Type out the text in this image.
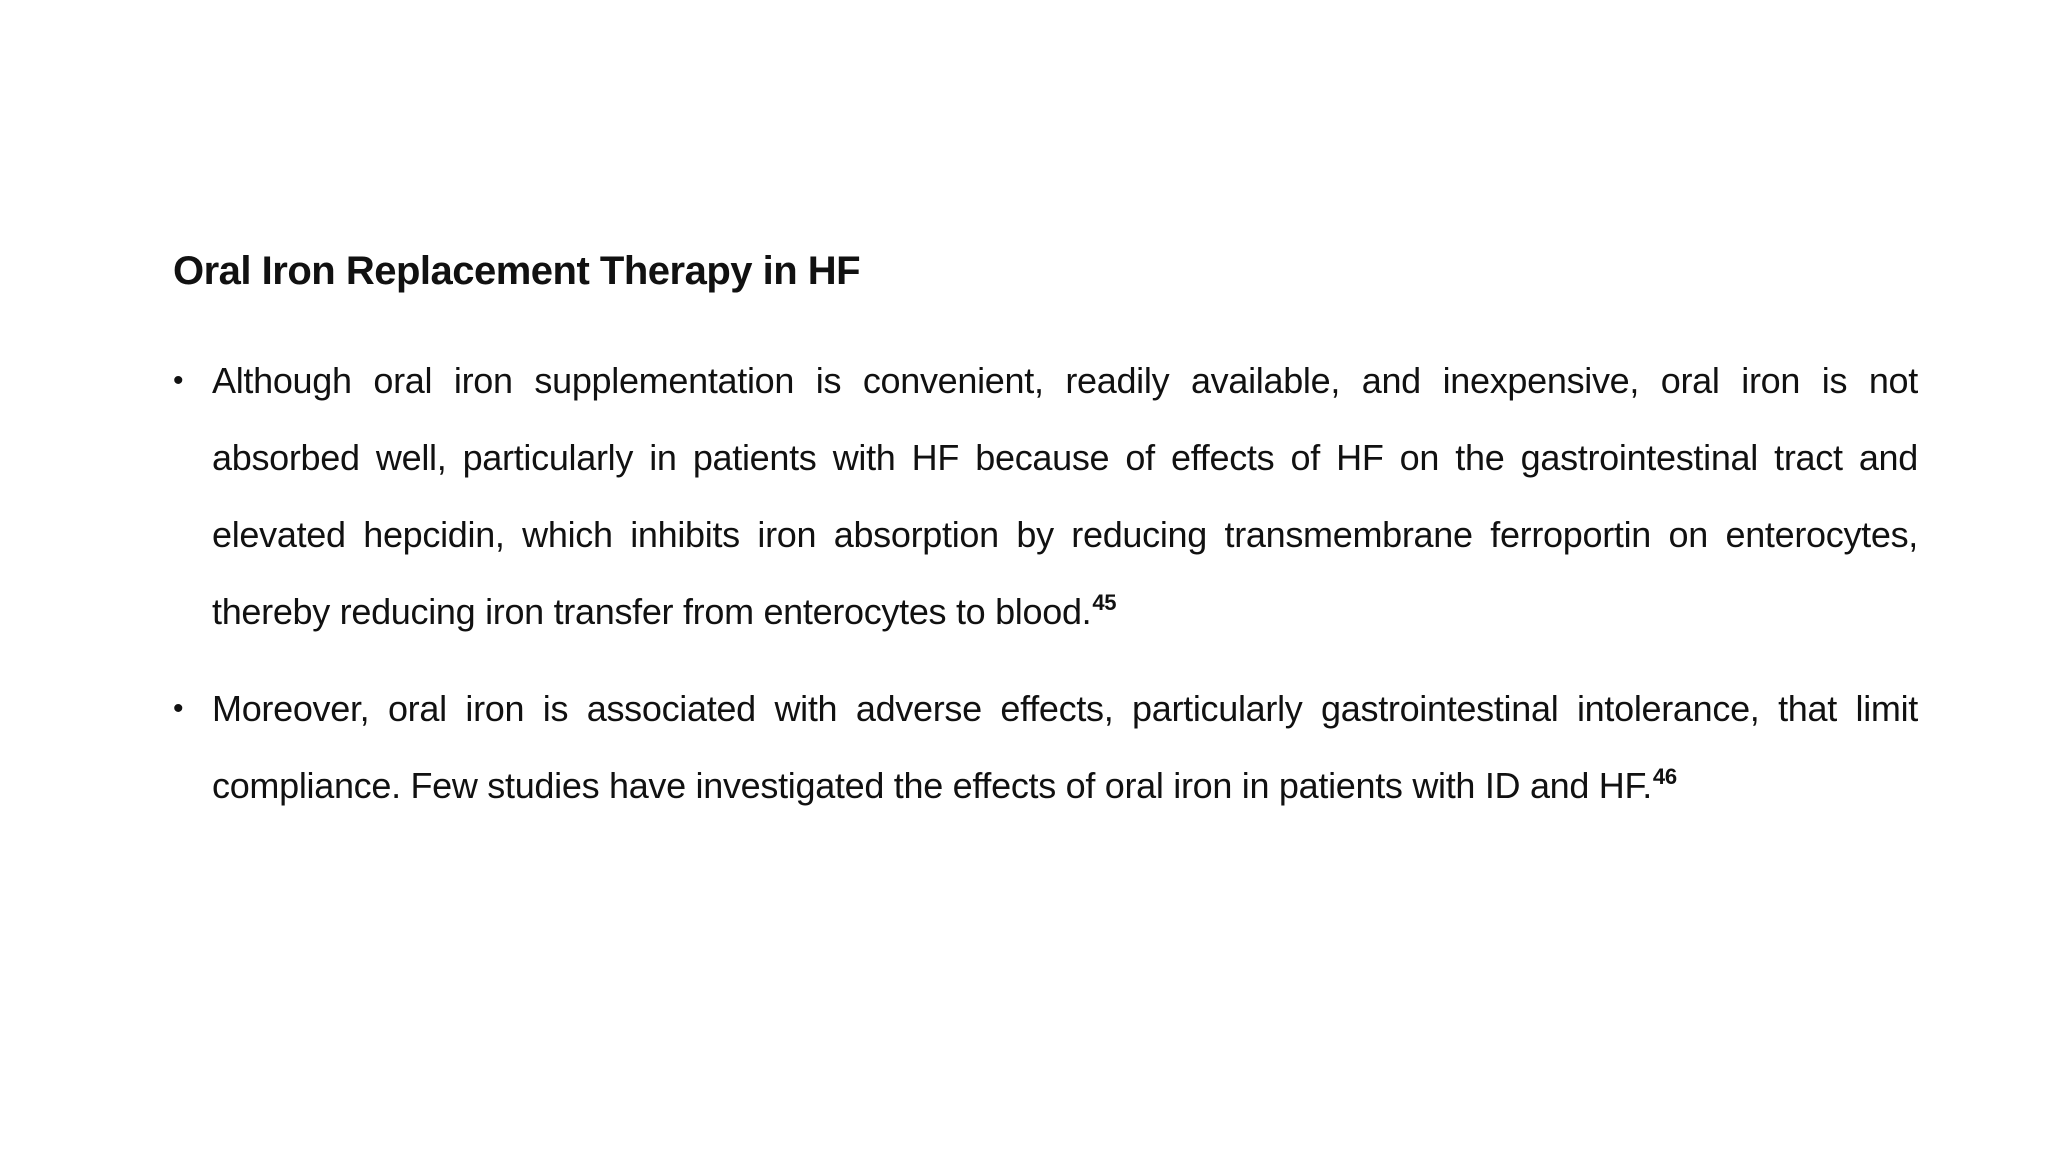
Oral Iron Replacement Therapy in HF
• Although oral iron supplementation is convenient, readily available, and inexpensive, oral iron is not absorbed well, particularly in patients with HF because of effects of HF on the gastrointestinal tract and elevated hepcidin, which inhibits iron absorption by reducing transmembrane ferroportin on enterocytes, thereby reducing iron transfer from enterocytes to blood.$^{45}$
• Moreover, oral iron is associated with adverse effects, particularly gastrointestinal intolerance, that limit compliance. Few studies have investigated the effects of oral iron in patients with ID and HF.$^{46}$
